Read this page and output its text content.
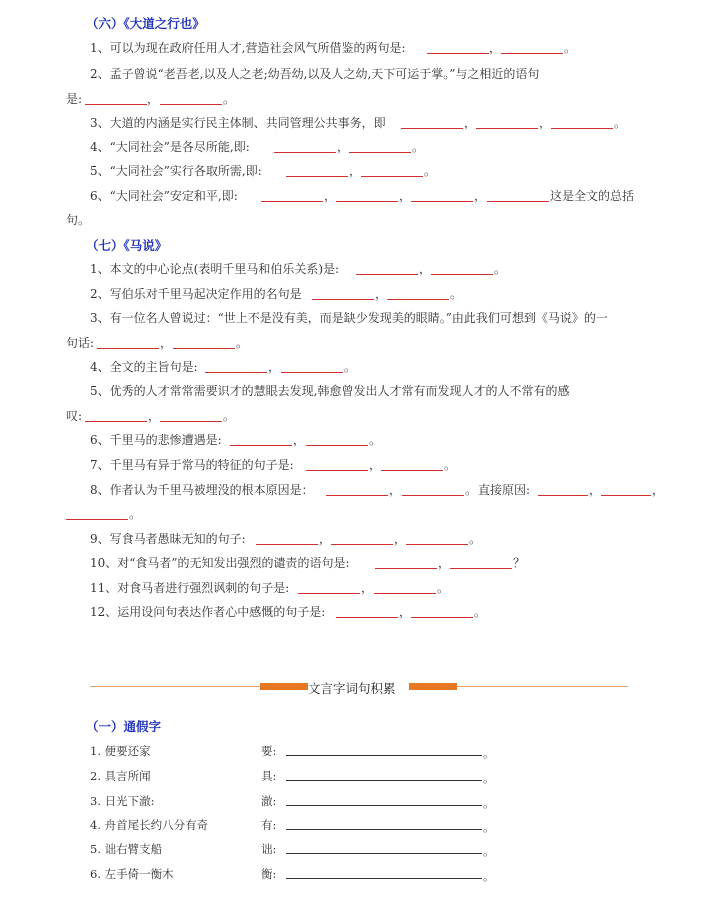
（六）《大道之行也》
1、可以为现在政府任用人才,营造社会风气所借鉴的两句是:	，	。
2、孟子曾说“老吾老,以及人之老;幼吾幼,以及人之幼,天下可运于掌。”与之相近的语句
是:	，	。
3、大道的内涵是实行民主体制、共同管理公共事务，即	，	，	。
4、“大同社会”是各尽所能,即:	，	。
5、“大同社会”实行各取所需,即:	，	。
6、“大同社会”安定和平,即:	，	，	，	这是全文的总括
句。
（七）《马说》
1、本文的中心论点(表明千里马和伯乐关系)是:	，	。
2、写伯乐对千里马起决定作用的名句是	，	。
3、有一位名人曾说过：“世上不是没有美，而是缺少发现美的眼睛。”由此我们可想到《马说》的一
句话:	，	。
4、全文的主旨句是:	，	。
5、优秀的人才常常需要识才的慧眼去发现,韩愈曾发出人才常有而发现人才的人不常有的感
叹:	，	。
6、千里马的悲惨遭遇是:	，	。
7、千里马有异于常马的特征的句子是:	，	。
8、作者认为千里马被埋没的根本原因是：	，	。 直接原因:	，	，
。
9、写食马者愚昧无知的句子:	，	，	。
10、对“食马者”的无知发出强烈的谴责的语句是:	，	？
11、对食马者进行强烈讽刺的句子是:	，	。
12、运用设问句表达作者心中感慨的句子是:	，	。
文言字词句积累
（一）通假字
1. 便要还家	要:	。
2. 具言所闻	具:	。
3. 日光下澈:	澈:	。
4. 舟首尾长约八分有奇	有:	。
5. 诎右臂支船	诎:	。
6. 左手倚一衡木	衡:	。
